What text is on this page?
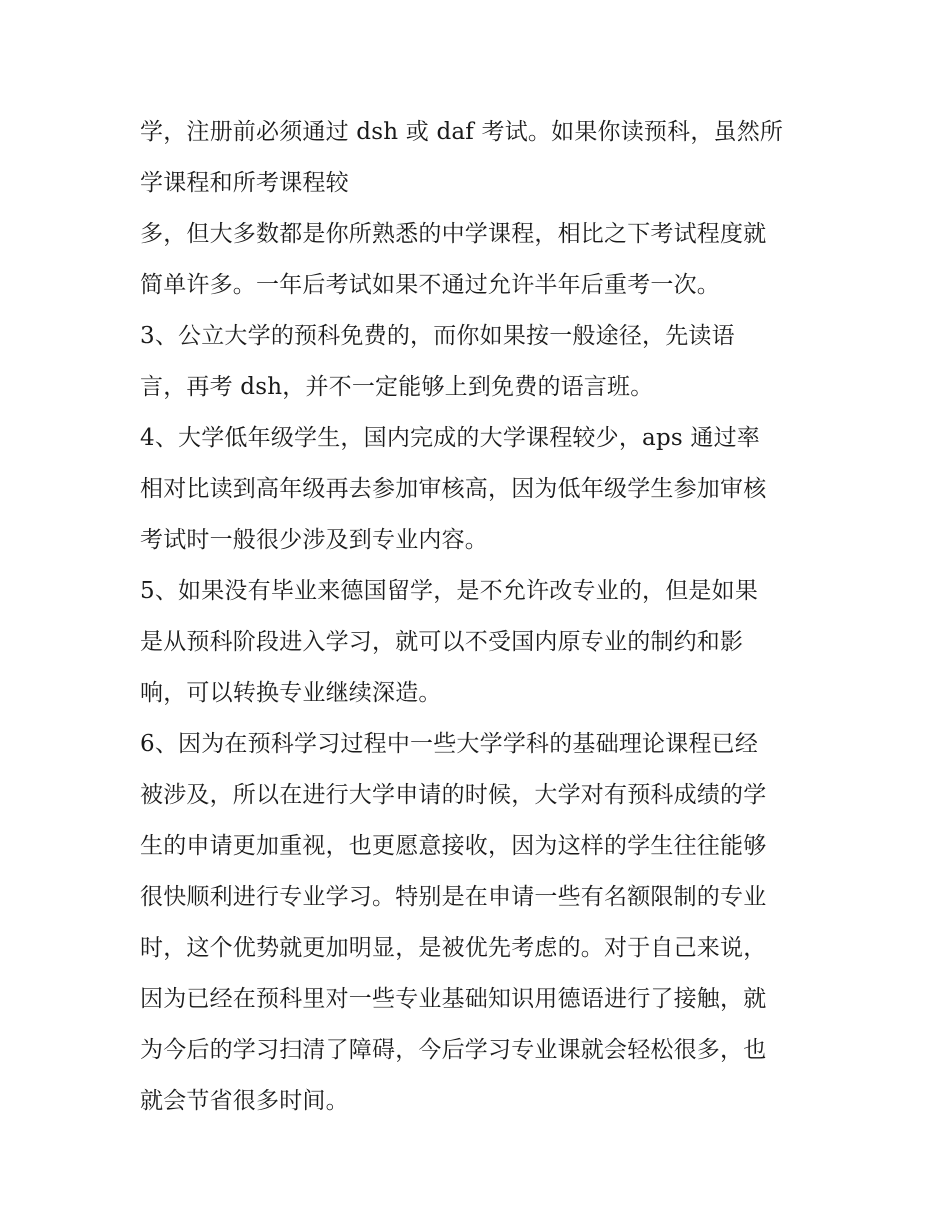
学，注册前必须通过 dsh 或 daf 考试。如果你读预科，虽然所
学课程和所考课程较
多，但大多数都是你所熟悉的中学课程，相比之下考试程度就
简单许多。一年后考试如果不通过允许半年后重考一次。
3、公立大学的预科免费的，而你如果按一般途径，先读语
言，再考 dsh，并不一定能够上到免费的语言班。
4、大学低年级学生，国内完成的大学课程较少，aps 通过率
相对比读到高年级再去参加审核高，因为低年级学生参加审核
考试时一般很少涉及到专业内容。
5、如果没有毕业来德国留学，是不允许改专业的，但是如果
是从预科阶段进入学习，就可以不受国内原专业的制约和影
响，可以转换专业继续深造。
6、因为在预科学习过程中一些大学学科的基础理论课程已经
被涉及，所以在进行大学申请的时候，大学对有预科成绩的学
生的申请更加重视，也更愿意接收，因为这样的学生往往能够
很快顺利进行专业学习。特别是在申请一些有名额限制的专业
时，这个优势就更加明显，是被优先考虑的。对于自己来说，
因为已经在预科里对一些专业基础知识用德语进行了接触，就
为今后的学习扫清了障碍，今后学习专业课就会轻松很多，也
就会节省很多时间。
